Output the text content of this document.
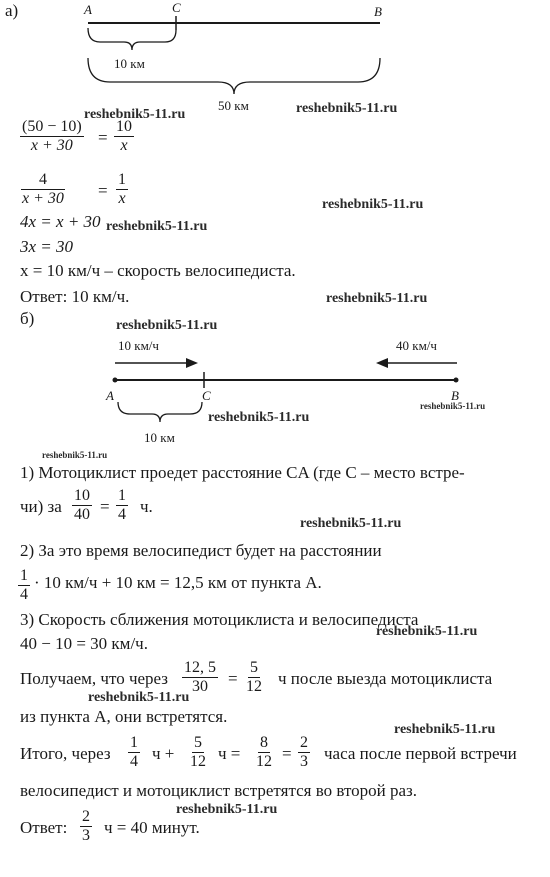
а)	A	C	B
10 км
50 км
$\frac{(50 - 10)}{x + 30} = \frac{10}{x}$
$\frac{4}{x + 30} = \frac{1}{x}$
4x = x + 30
3x = 30
x = 10 км/ч – скорость велосипедиста.
Ответ: 10 км/ч.
б)
10 км/ч	40 км/ч
A	C	B
10 км
1) Мотоциклист проедет расстояние CA (где C – место встре-
чи) за $\frac{10}{40} = \frac{1}{4} ч$.
2) За это время велосипедист будет на расстоянии
$\frac{1}{4} \cdot 10$ км/ч + 10 км = 12,5 км от пункта A.
3) Скорость сближения мотоциклиста и велосипедиста
40 − 10 = 30 км/ч.
Получаем, что через $\frac{12, 5}{30} = \frac{5}{12}$ ч после выезда мотоциклиста
из пункта A, они встретятся.
Итого, через $\frac{1}{4}$ $ч + \frac{5}{12}$ $ч = \frac{8}{12} = \frac{2}{3}$ часа после первой встречи
велосипедист и мотоциклист встретятся во второй раз.
Ответ: $\frac{2}{3}$ ч = 40 минут.
reshebnik5-11.ru	reshebnik5-11.ru
reshebnik5-11.ru
reshebnik5-11.ru
reshebnik5-11.ru
reshebnik5-11.ru
reshebnik5-11.ru
reshebnik5-11.ru
reshebnik5-11.ru
reshebnik5-11.ru
reshebnik5-11.ru
reshebnik5-11.ru
reshebnik5-11.ru
reshebnik5-11.ru
